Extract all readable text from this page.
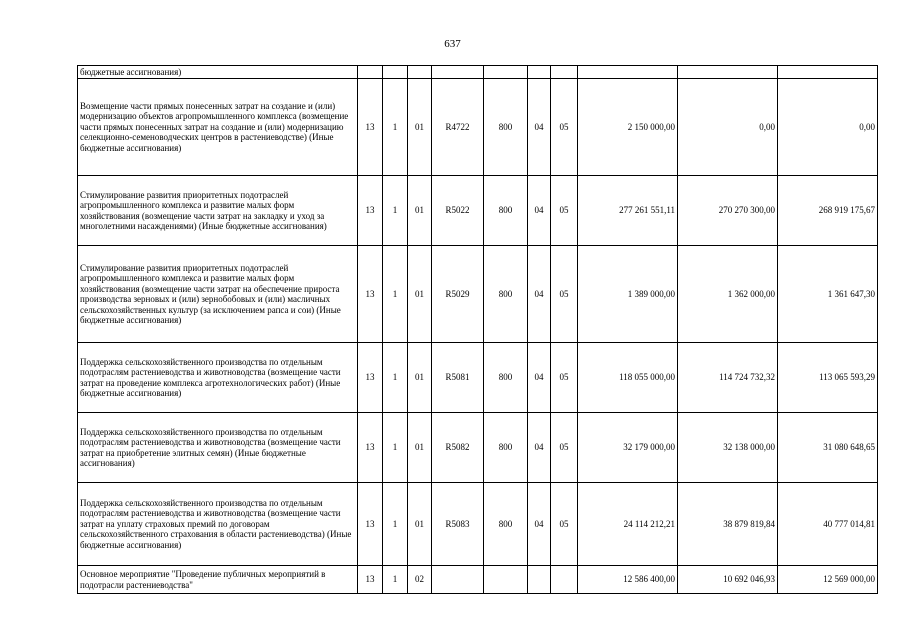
637
бюджетные ассигнования)										
Возмещение части прямых понесенных затрат на создание и (или) модернизацию объектов агропромышленного комплекса (возмещение части прямых понесенных затрат на создание и (или) модернизацию селекционно-семеноводческих центров в растениеводстве) (Иные бюджетные ассигнования)	13	1	01	R4722	800	04	05	2 150 000,00	0,00	0,00
Стимулирование развития приоритетных подотраслей агропромышленного комплекса и развитие малых форм хозяйствования (возмещение части затрат на закладку и уход за многолетними насаждениями) (Иные бюджетные ассигнования)	13	1	01	R5022	800	04	05	277 261 551,11	270 270 300,00	268 919 175,67
Стимулирование развития приоритетных подотраслей агропромышленного комплекса и развитие малых форм хозяйствования (возмещение части затрат на обеспечение прироста производства зерновых и (или) зернобобовых и (или) масличных сельскохозяйственных культур (за исключением рапса и сои) (Иные бюджетные ассигнования)	13	1	01	R5029	800	04	05	1 389 000,00	1 362 000,00	1 361 647,30
Поддержка сельскохозяйственного производства по отдельным подотраслям растениеводства и животноводства (возмещение части затрат на проведение комплекса агротехнологических работ) (Иные бюджетные ассигнования)	13	1	01	R5081	800	04	05	118 055 000,00	114 724 732,32	113 065 593,29
Поддержка сельскохозяйственного производства по отдельным подотраслям растениеводства и животноводства (возмещение части затрат на приобретение элитных семян) (Иные бюджетные ассигнования)	13	1	01	R5082	800	04	05	32 179 000,00	32 138 000,00	31 080 648,65
Поддержка сельскохозяйственного производства по отдельным подотраслям растениеводства и животноводства (возмещение части затрат на уплату страховых премий по договорам сельскохозяйственного страхования в области растениеводства) (Иные бюджетные ассигнования)	13	1	01	R5083	800	04	05	24 114 212,21	38 879 819,84	40 777 014,81
Основное мероприятие "Проведение публичных мероприятий в подотрасли растениеводства"	13	1	02					12 586 400,00	10 692 046,93	12 569 000,00
